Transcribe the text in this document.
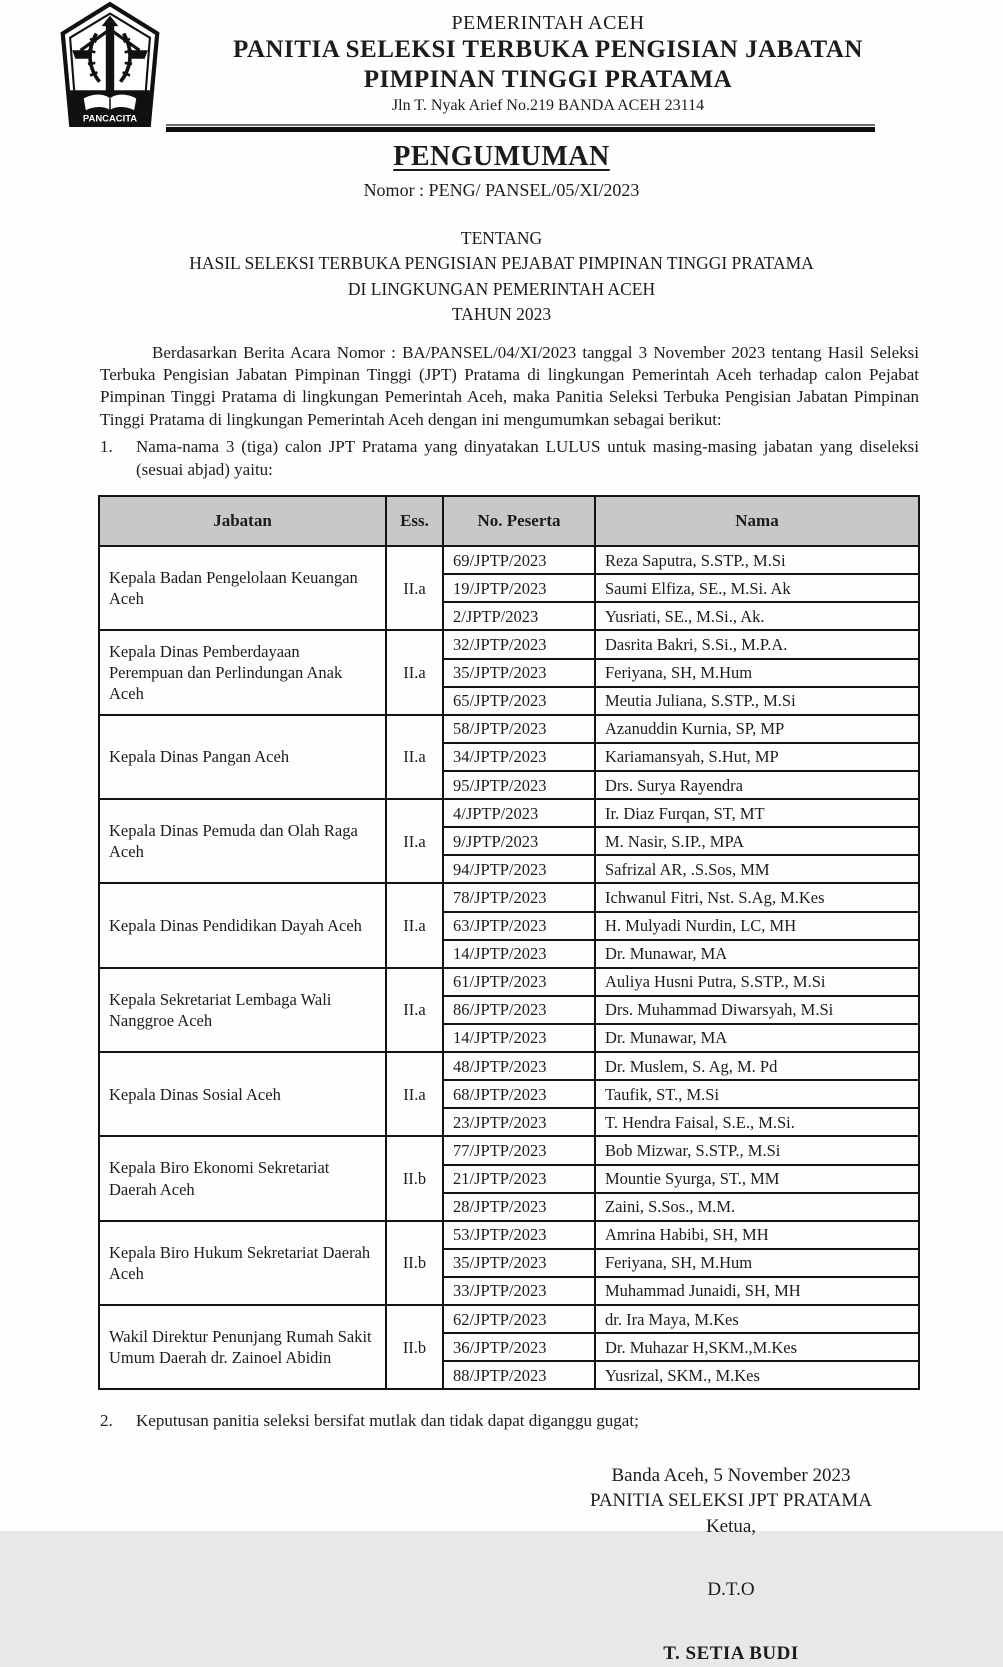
PANCACITA
PEMERINTAH ACEH
PANITIA SELEKSI TERBUKA PENGISIAN JABATAN
PIMPINAN TINGGI PRATAMA
Jln T. Nyak Arief No.219 BANDA ACEH 23114
PENGUMUMAN
Nomor : PENG/ PANSEL/05/XI/2023
TENTANG
HASIL SELEKSI TERBUKA PENGISIAN PEJABAT PIMPINAN TINGGI PRATAMA
DI LINGKUNGAN PEMERINTAH ACEH
TAHUN 2023

Berdasarkan Berita Acara Nomor : BA/PANSEL/04/XI/2023 tanggal 3 November 2023 tentang Hasil Seleksi Terbuka Pengisian Jabatan Pimpinan Tinggi (JPT) Pratama di lingkungan Pemerintah Aceh terhadap calon Pejabat Pimpinan Tinggi Pratama di lingkungan Pemerintah Aceh, maka Panitia Seleksi Terbuka Pengisian Jabatan Pimpinan Tinggi Pratama di lingkungan Pemerintah Aceh dengan ini mengumumkan sebagai berikut:

1.	Nama-nama 3 (tiga) calon JPT Pratama yang dinyatakan LULUS untuk masing-masing jabatan yang diseleksi (sesuai abjad) yaitu:
Jabatan	Ess.	No. Peserta	Nama
Kepala Badan Pengelolaan Keuangan Aceh	II.a	69/JPTP/2023	Reza Saputra, S.STP., M.Si
		19/JPTP/2023	Saumi Elfiza, SE., M.Si. Ak
		2/JPTP/2023	Yusriati, SE., M.Si., Ak.
Kepala Dinas Pemberdayaan Perempuan dan Perlindungan Anak Aceh	II.a	32/JPTP/2023	Dasrita Bakri, S.Si., M.P.A.
		35/JPTP/2023	Feriyana, SH, M.Hum
		65/JPTP/2023	Meutia Juliana, S.STP., M.Si
Kepala Dinas Pangan Aceh	II.a	58/JPTP/2023	Azanuddin Kurnia, SP, MP
		34/JPTP/2023	Kariamansyah, S.Hut, MP
		95/JPTP/2023	Drs. Surya Rayendra
Kepala Dinas Pemuda dan Olah Raga Aceh	II.a	4/JPTP/2023	Ir. Diaz Furqan, ST, MT
		9/JPTP/2023	M. Nasir, S.IP., MPA
		94/JPTP/2023	Safrizal AR, .S.Sos, MM
Kepala Dinas Pendidikan Dayah Aceh	II.a	78/JPTP/2023	Ichwanul Fitri, Nst. S.Ag, M.Kes
		63/JPTP/2023	H. Mulyadi Nurdin, LC, MH
		14/JPTP/2023	Dr. Munawar, MA
Kepala Sekretariat Lembaga Wali Nanggroe Aceh	II.a	61/JPTP/2023	Auliya Husni Putra, S.STP., M.Si
		86/JPTP/2023	Drs. Muhammad Diwarsyah, M.Si
		14/JPTP/2023	Dr. Munawar, MA
Kepala Dinas Sosial Aceh	II.a	48/JPTP/2023	Dr. Muslem, S. Ag, M. Pd
		68/JPTP/2023	Taufik, ST., M.Si
		23/JPTP/2023	T. Hendra Faisal, S.E., M.Si.
Kepala Biro Ekonomi Sekretariat Daerah Aceh	II.b	77/JPTP/2023	Bob Mizwar, S.STP., M.Si
		21/JPTP/2023	Mountie Syurga, ST., MM
		28/JPTP/2023	Zaini, S.Sos., M.M.
Kepala Biro Hukum Sekretariat Daerah Aceh	II.b	53/JPTP/2023	Amrina Habibi, SH, MH
		35/JPTP/2023	Feriyana, SH, M.Hum
		33/JPTP/2023	Muhammad Junaidi, SH, MH
Wakil Direktur Penunjang Rumah Sakit Umum Daerah dr. Zainoel Abidin	II.b	62/JPTP/2023	dr. Ira Maya, M.Kes
		36/JPTP/2023	Dr. Muhazar H,SKM.,M.Kes
		88/JPTP/2023	Yusrizal, SKM., M.Kes
2.	Keputusan panitia seleksi bersifat mutlak dan tidak dapat diganggu gugat;
Banda Aceh, 5 November 2023
PANITIA SELEKSI JPT PRATAMA
Ketua,
D.T.O
T. SETIA BUDI
